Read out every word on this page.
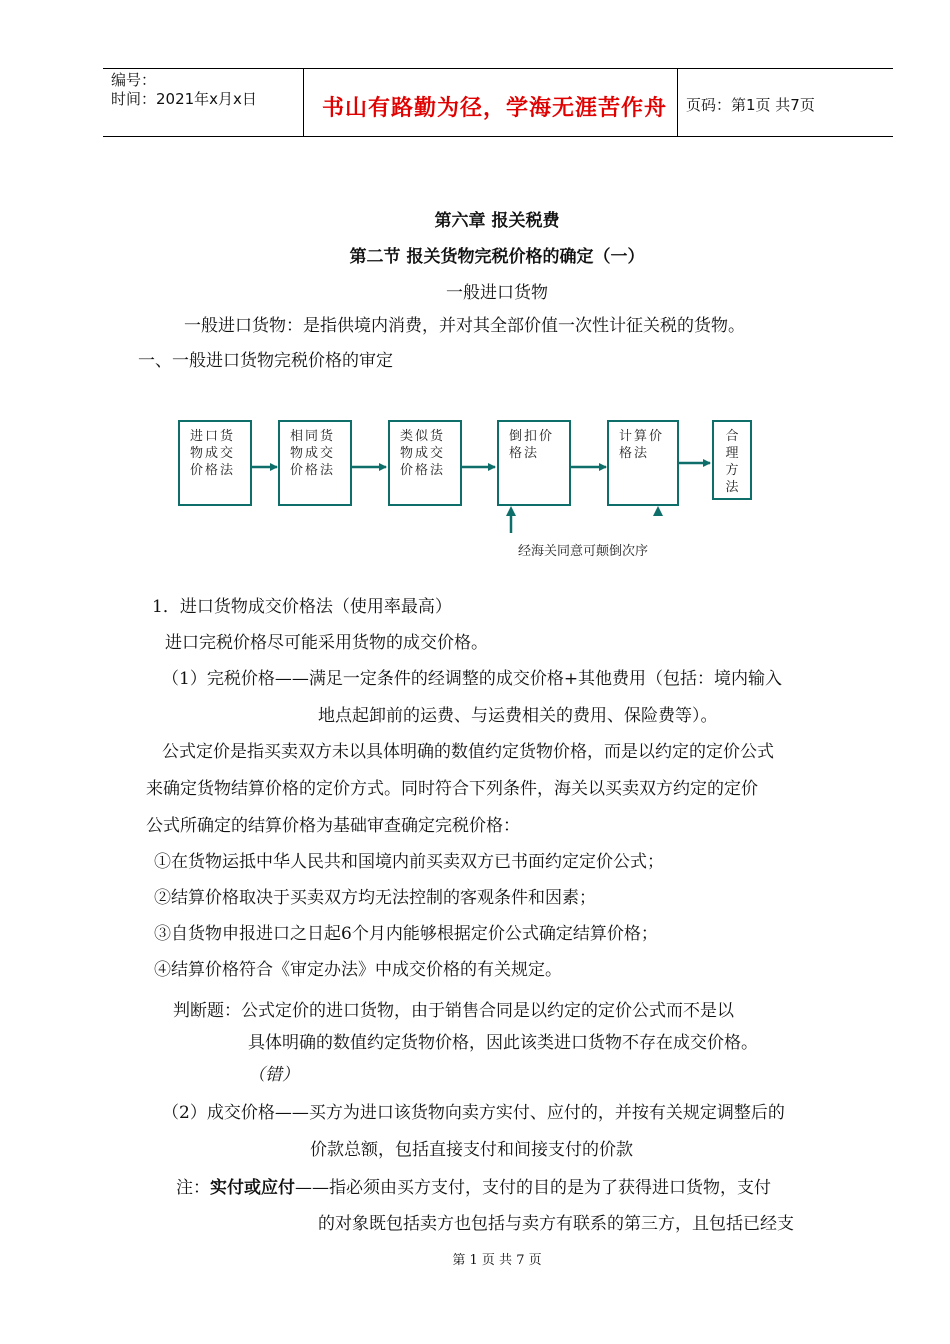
编号：
时间：2021年x月x日	书山有路勤为径，学海无涯苦作舟 页码：第1页 共7页
第六章 报关税费
第二节 报关货物完税价格的确定（一）
一般进口货物
一般进口货物：是指供境内消费，并对其全部价值一次性计征关税的货物。
一、一般进口货物完税价格的审定
进口货
物成交
价格法
相同货
物成交
价格法
类似货
物成交
价格法
倒扣价
格法
计算价
格法
合
理
方
法
经海关同意可颠倒次序
1．进口货物成交价格法（使用率最高）
进口完税价格尽可能采用货物的成交价格。
（1）完税价格——满足一定条件的经调整的成交价格+其他费用（包括：境内输入
地点起卸前的运费、与运费相关的费用、保险费等）。
公式定价是指买卖双方未以具体明确的数值约定货物价格，而是以约定的定价公式
来确定货物结算价格的定价方式。同时符合下列条件，海关以买卖双方约定的定价
公式所确定的结算价格为基础审查确定完税价格：
①在货物运抵中华人民共和国境内前买卖双方已书面约定定价公式；
②结算价格取决于买卖双方均无法控制的客观条件和因素；
③自货物申报进口之日起6个月内能够根据定价公式确定结算价格；
④结算价格符合《审定办法》中成交价格的有关规定。
判断题：公式定价的进口货物，由于销售合同是以约定的定价公式而不是以
具体明确的数值约定货物价格，因此该类进口货物不存在成交价格。
（错）
（2）成交价格——买方为进口该货物向卖方实付、应付的，并按有关规定调整后的
价款总额，包括直接支付和间接支付的价款
注：实付或应付——指必须由买方支付，支付的目的是为了获得进口货物，支付
的对象既包括卖方也包括与卖方有联系的第三方，且包括已经支
第 1 页 共 7 页
